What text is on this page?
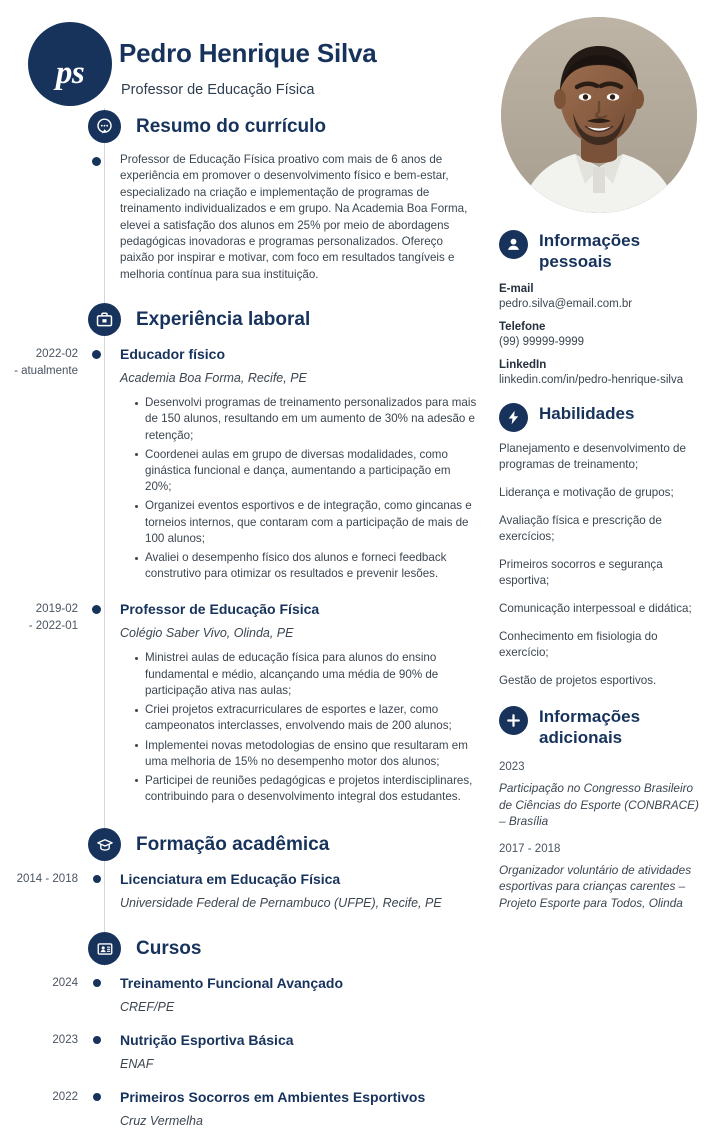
ps
Pedro Henrique Silva
Professor de Educação Física
Resumo do currículo
Professor de Educação Física proativo com mais de 6 anos de experiência em promover o desenvolvimento físico e bem-estar, especializado na criação e implementação de programas de treinamento individualizados e em grupo. Na Academia Boa Forma, elevei a satisfação dos alunos em 25% por meio de abordagens pedagógicas inovadoras e programas personalizados. Ofereço paixão por inspirar e motivar, com foco em resultados tangíveis e melhoria contínua para sua instituição.
Experiência laboral
2022-02
- atualmente
Educador físico
Academia Boa Forma, Recife, PE
Desenvolvi programas de treinamento personalizados para mais de 150 alunos, resultando em um aumento de 30% na adesão e retenção;
Coordenei aulas em grupo de diversas modalidades, como ginástica funcional e dança, aumentando a participação em 20%;
Organizei eventos esportivos e de integração, como gincanas e torneios internos, que contaram com a participação de mais de 100 alunos;
Avaliei o desempenho físico dos alunos e forneci feedback construtivo para otimizar os resultados e prevenir lesões.
2019-02
- 2022-01
Professor de Educação Física
Colégio Saber Vivo, Olinda, PE
Ministrei aulas de educação física para alunos do ensino fundamental e médio, alcançando uma média de 90% de participação ativa nas aulas;
Criei projetos extracurriculares de esportes e lazer, como campeonatos interclasses, envolvendo mais de 200 alunos;
Implementei novas metodologias de ensino que resultaram em uma melhoria de 15% no desempenho motor dos alunos;
Participei de reuniões pedagógicas e projetos interdisciplinares, contribuindo para o desenvolvimento integral dos estudantes.
Formação acadêmica
2014 - 2018	Licenciatura em Educação Física
Universidade Federal de Pernambuco (UFPE), Recife, PE
Cursos
2024	Treinamento Funcional Avançado
CREF/PE
2023	Nutrição Esportiva Básica
ENAF
2022	Primeiros Socorros em Ambientes Esportivos
Cruz Vermelha
Informações pessoais
E-mail
pedro.silva@email.com.br
Telefone
(99) 99999-9999
LinkedIn
linkedin.com/in/pedro-henrique-silva
Habilidades
Planejamento e desenvolvimento de programas de treinamento;
Liderança e motivação de grupos;
Avaliação física e prescrição de exercícios;
Primeiros socorros e segurança esportiva;
Comunicação interpessoal e didática;
Conhecimento em fisiologia do exercício;
Gestão de projetos esportivos.
Informações adicionais
2023
Participação no Congresso Brasileiro de Ciências do Esporte (CONBRACE) – Brasília
2017 - 2018
Organizador voluntário de atividades esportivas para crianças carentes – Projeto Esporte para Todos, Olinda
